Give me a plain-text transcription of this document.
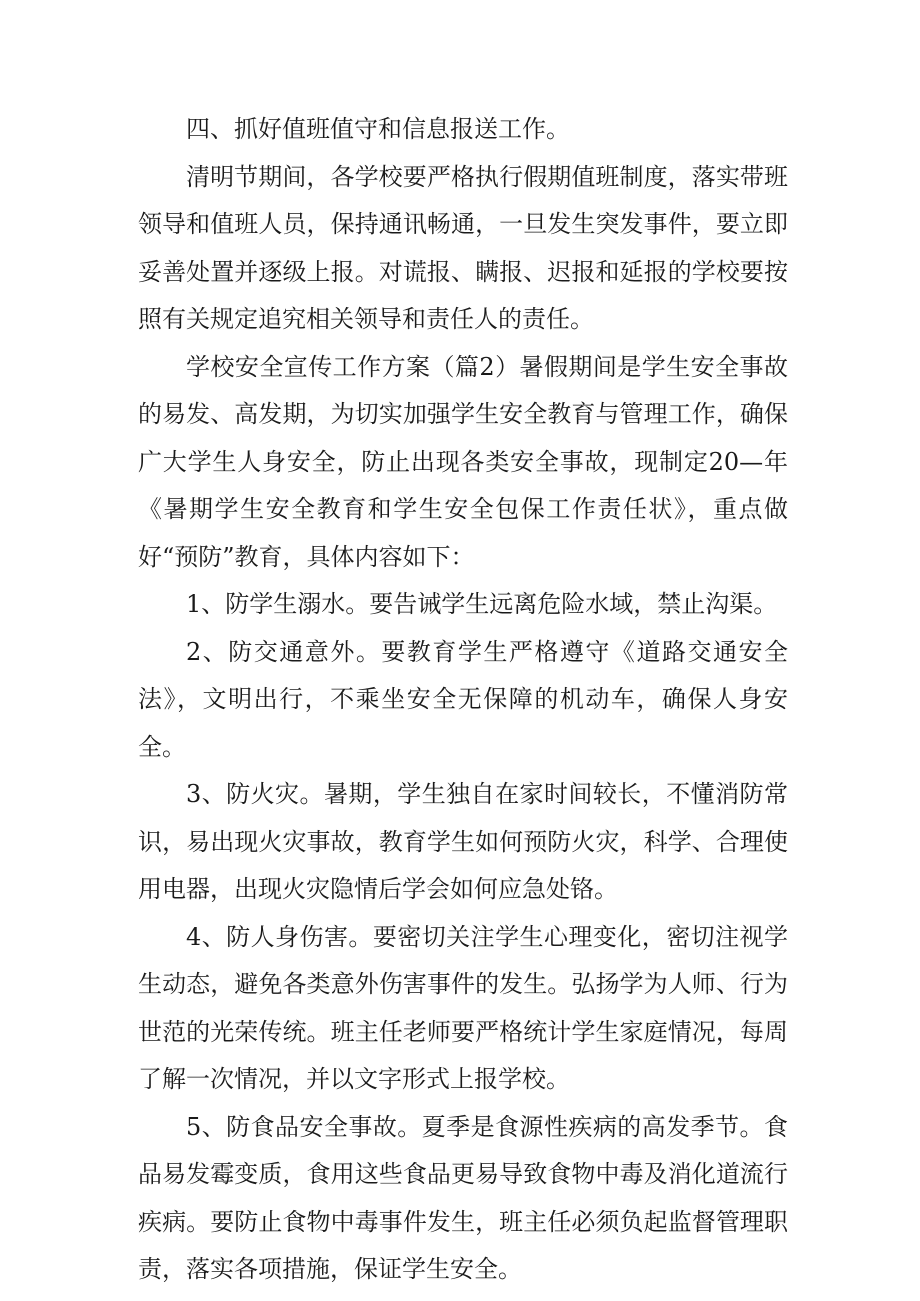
四、抓好值班值守和信息报送工作。

清明节期间，各学校要严格执行假期值班制度，落实带班领导和值班人员，保持通讯畅通，一旦发生突发事件，要立即妥善处置并逐级上报。对谎报、瞒报、迟报和延报的学校要按照有关规定追究相关领导和责任人的责任。

学校安全宣传工作方案（篇2）暑假期间是学生安全事故的易发、高发期，为切实加强学生安全教育与管理工作，确保广大学生人身安全，防止出现各类安全事故，现制定20—年《暑期学生安全教育和学生安全包保工作责任状》，重点做好“预防”教育，具体内容如下：

1、防学生溺水。要告诫学生远离危险水域，禁止沟渠。

2、防交通意外。要教育学生严格遵守《道路交通安全法》，文明出行，不乘坐安全无保障的机动车，确保人身安全。

3、防火灾。暑期，学生独自在家时间较长，不懂消防常识，易出现火灾事故，教育学生如何预防火灾，科学、合理使用电器，出现火灾隐情后学会如何应急处铬。

4、防人身伤害。要密切关注学生心理变化，密切注视学生动态，避免各类意外伤害事件的发生。弘扬学为人师、行为世范的光荣传统。班主任老师要严格统计学生家庭情况，每周了解一次情况，并以文字形式上报学校。

5、防食品安全事故。夏季是食源性疾病的高发季节。食品易发霉变质，食用这些食品更易导致食物中毒及消化道流行疾病。要防止食物中毒事件发生，班主任必须负起监督管理职责，落实各项措施，保证学生安全。
